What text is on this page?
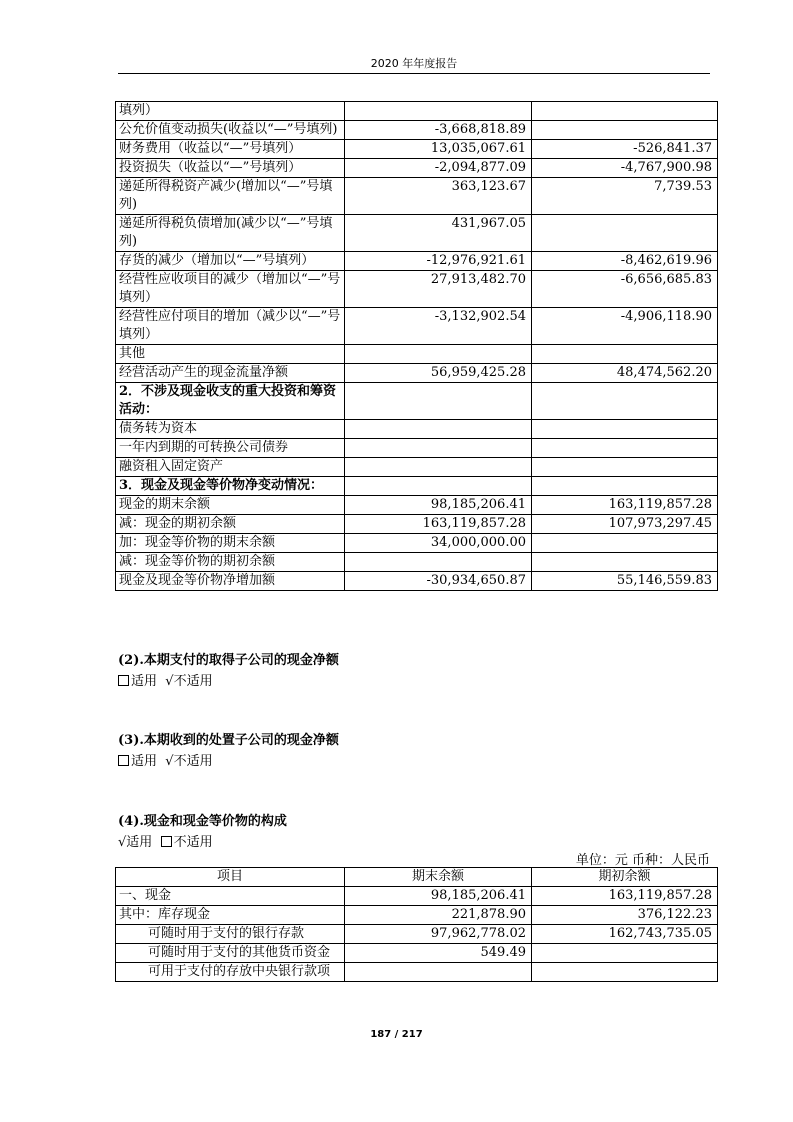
2020 年年度报告
填列）		
公允价值变动损失(收益以“—”号填列)	-3,668,818.89	
财务费用（收益以“—”号填列）	13,035,067.61	-526,841.37
投资损失（收益以“—”号填列）	-2,094,877.09	-4,767,900.98
递延所得税资产减少(增加以“—”号填列)	363,123.67	7,739.53
递延所得税负债增加(减少以“—”号填列)	431,967.05	
存货的减少（增加以“—”号填列）	-12,976,921.61	-8,462,619.96
经营性应收项目的减少（增加以“—”号填列）	27,913,482.70	-6,656,685.83
经营性应付项目的增加（减少以“—”号填列）	-3,132,902.54	-4,906,118.90
其他		
经营活动产生的现金流量净额	56,959,425.28	48,474,562.20
2．不涉及现金收支的重大投资和筹资活动：		
债务转为资本		
一年内到期的可转换公司债券		
融资租入固定资产		
3．现金及现金等价物净变动情况：		
现金的期末余额	98,185,206.41	163,119,857.28
减：现金的期初余额	163,119,857.28	107,973,297.45
加：现金等价物的期末余额	34,000,000.00	
减：现金等价物的期初余额		
现金及现金等价物净增加额	-30,934,650.87	55,146,559.83
(2).本期支付的取得子公司的现金净额
适用 √不适用
(3).本期收到的处置子公司的现金净额
适用 √不适用
(4).现金和现金等价物的构成
√适用 不适用
单位：元 币种：人民币
项目	期末余额	期初余额
一、现金	98,185,206.41	163,119,857.28
其中：库存现金	221,878.90	376,122.23
可随时用于支付的银行存款	97,962,778.02	162,743,735.05
可随时用于支付的其他货币资金	549.49	
可用于支付的存放中央银行款项		
187 / 217
